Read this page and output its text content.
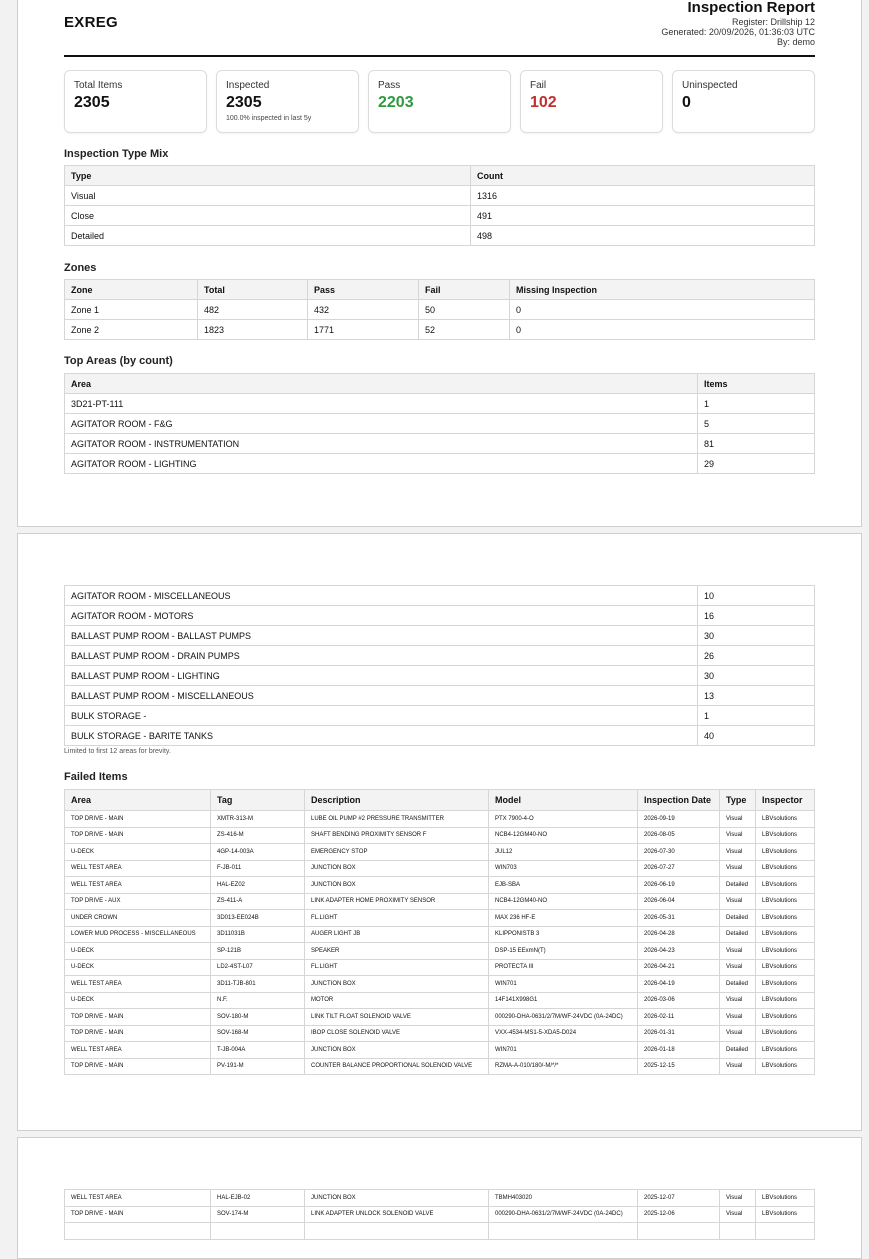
EXREG
Inspection Report
Register: Drillship 12
Generated: 20/09/2026, 01:36:03 UTC
By: demo
Total Items
2305
Inspected
2305
100.0% inspected in last 5y
Pass
2203
Fail
102
Uninspected
0
Inspection Type Mix
Type	Count
Visual	1316
Close	491
Detailed	498
Zones
Zone	Total	Pass	Fail	Missing Inspection
Zone 1	482	432	50	0
Zone 2	1823	1771	52	0
Top Areas (by count)
Area	Items
3D21-PT-111	1
AGITATOR ROOM - F&G	5
AGITATOR ROOM - INSTRUMENTATION	81
AGITATOR ROOM - LIGHTING	29
AGITATOR ROOM - MISCELLANEOUS	10
AGITATOR ROOM - MOTORS	16
BALLAST PUMP ROOM - BALLAST PUMPS	30
BALLAST PUMP ROOM - DRAIN PUMPS	26
BALLAST PUMP ROOM - LIGHTING	30
BALLAST PUMP ROOM - MISCELLANEOUS	13
BULK STORAGE -	1
BULK STORAGE - BARITE TANKS	40
Limited to first 12 areas for brevity.
Failed Items
Area	Tag	Description	Model	Inspection Date	Type	Inspector
TOP DRIVE - MAIN	XMTR-313-M	LUBE OIL PUMP #2 PRESSURE TRANSMITTER	PTX 7900-4-O	2026-09-19	Visual	LBVsolutions
TOP DRIVE - MAIN	ZS-416-M	SHAFT BENDING PROXIMITY SENSOR F	NCB4-12GM40-NO	2026-08-05	Visual	LBVsolutions
U-DECK	4GP-14-003A	EMERGENCY STOP	JUL12	2026-07-30	Visual	LBVsolutions
WELL TEST AREA	F-JB-011	JUNCTION BOX	WIN703	2026-07-27	Visual	LBVsolutions
WELL TEST AREA	HAL-EZ02	JUNCTION BOX	EJB-SBA	2026-06-19	Detailed	LBVsolutions
TOP DRIVE - AUX	ZS-411-A	LINK ADAPTER HOME PROXIMITY SENSOR	NCB4-12GM40-NO	2026-06-04	Visual	LBVsolutions
UNDER CROWN	3D013-EE024B	FL.LIGHT	MAX 236 HF-E	2026-05-31	Detailed	LBVsolutions
LOWER MUD PROCESS - MISCELLANEOUS	3D11031B	AUGER LIGHT JB	KLIPPONISTB 3	2026-04-28	Detailed	LBVsolutions
U-DECK	SP-121B	SPEAKER	DSP-15 EExmN(T)	2026-04-23	Visual	LBVsolutions
U-DECK	LD2-4ST-L07	FL.LIGHT	PROTECTA III	2026-04-21	Visual	LBVsolutions
WELL TEST AREA	3D11-TJB-801	JUNCTION BOX	WIN701	2026-04-19	Detailed	LBVsolutions
U-DECK	N.F.	MOTOR	14F141X998G1	2026-03-06	Visual	LBVsolutions
TOP DRIVE - MAIN	SOV-180-M	LINK TILT FLOAT SOLENOID VALVE	000290-DHA-0631/2/7M/WF-24VDC (0A-24DC)	2026-02-11	Visual	LBVsolutions
TOP DRIVE - MAIN	SOV-168-M	IBOP CLOSE SOLENOID VALVE	VXX-4534-MS1-5-XDA5-D024	2026-01-31	Visual	LBVsolutions
WELL TEST AREA	T-JB-004A	JUNCTION BOX	WIN701	2026-01-18	Detailed	LBVsolutions
TOP DRIVE - MAIN	PV-191-M	COUNTER BALANCE PROPORTIONAL SOLENOID VALVE	RZMA-A-010/180/-M/*/*	2025-12-15	Visual	LBVsolutions
WELL TEST AREA	HAL-EJB-02	JUNCTION BOX	TBMH403020	2025-12-07	Visual	LBVsolutions
TOP DRIVE - MAIN	SOV-174-M	LINK ADAPTER UNLOCK SOLENOID VALVE	000290-DHA-0631/2/7M/WF-24VDC (0A-24DC)	2025-12-06	Visual	LBVsolutions
